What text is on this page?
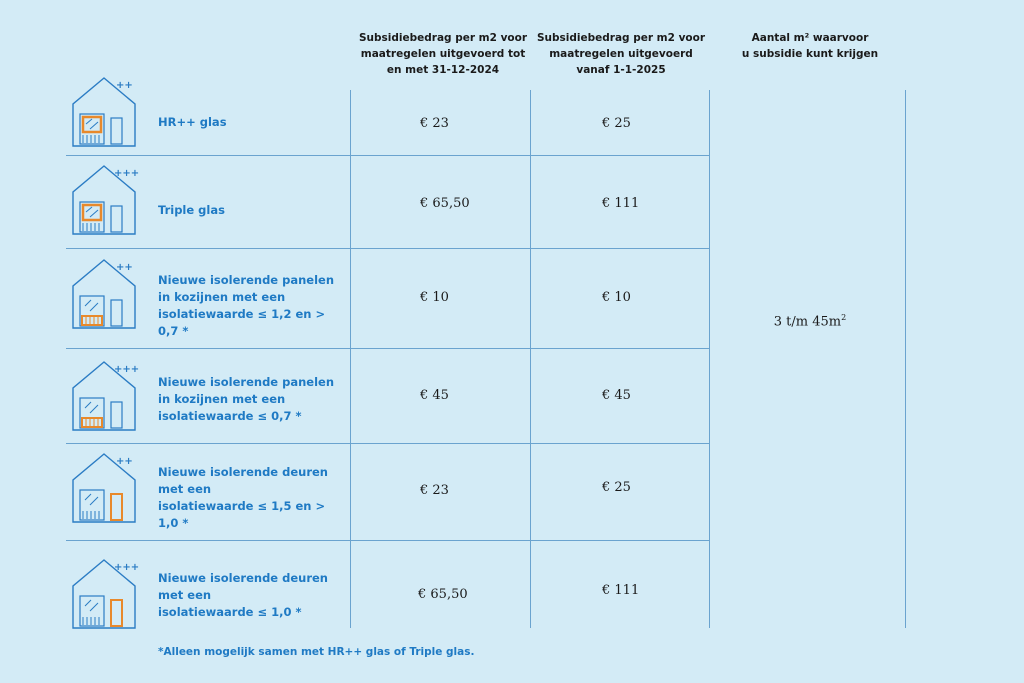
Subsidiebedrag per m2 voor
maatregelen uitgevoerd tot
en met 31-12-2024
Subsidiebedrag per m2 voor
maatregelen uitgevoerd
vanaf 1-1-2025
Aantal m² waarvoor
u subsidie kunt krijgen
++
HR++ glas	€ 23	€ 25
+++
Triple glas	€ 65,50	€ 111
++
Nieuwe isolerende panelen
in kozijnen met een
isolatiewaarde ≤ 1,2 en > 0,7 *
€ 10	€ 10
+++
Nieuwe isolerende panelen
in kozijnen met een
isolatiewaarde ≤ 0,7 *
€ 45	€ 45
++
Nieuwe isolerende deuren
met een
isolatiewaarde ≤ 1,5 en > 1,0 *
€ 23	€ 25
+++
Nieuwe isolerende deuren
met een
isolatiewaarde ≤ 1,0 *
€ 65,50	€ 111
3 t/m $45m^2$
*Alleen mogelijk samen met HR++ glas of Triple glas.
